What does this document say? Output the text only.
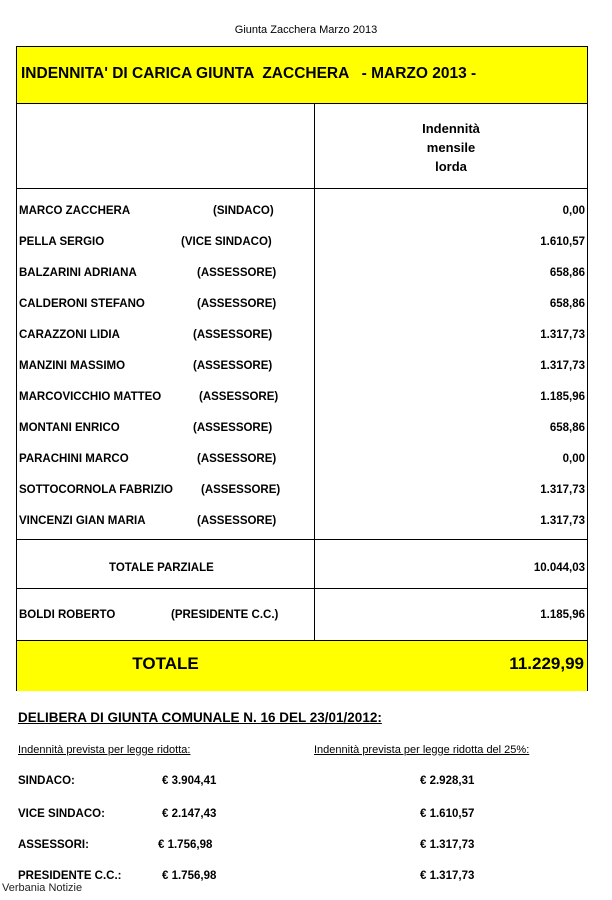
Giunta Zacchera Marzo 2013
INDENNITA' DI CARICA GIUNTA  ZACCHERA   - MARZO 2013 -
Indennità
mensile
lorda
MARCO ZACCHERA	(SINDACO)	0,00
PELLA SERGIO	(VICE SINDACO)	1.610,57
BALZARINI ADRIANA	(ASSESSORE)	658,86
CALDERONI STEFANO	(ASSESSORE)	658,86
CARAZZONI LIDIA	(ASSESSORE)	1.317,73
MANZINI MASSIMO	(ASSESSORE)	1.317,73
MARCOVICCHIO MATTEO	(ASSESSORE)	1.185,96
MONTANI ENRICO	(ASSESSORE)	658,86
PARACHINI MARCO	(ASSESSORE)	0,00
SOTTOCORNOLA FABRIZIO (ASSESSORE)	1.317,73
VINCENZI GIAN MARIA	(ASSESSORE)	1.317,73
TOTALE PARZIALE	10.044,03
BOLDI ROBERTO	(PRESIDENTE C.C.)	1.185,96
TOTALE	11.229,99
DELIBERA DI GIUNTA COMUNALE N. 16 DEL 23/01/2012:
Indennità prevista per legge ridotta:	Indennità prevista per legge ridotta del 25%:
SINDACO:	€ 3.904,41	€ 2.928,31
VICE SINDACO:	€ 2.147,43	€ 1.610,57
ASSESSORI:	€ 1.756,98	€ 1.317,73
PRESIDENTE C.C.:	€ 1.756,98	€ 1.317,73
Verbania Notizie
